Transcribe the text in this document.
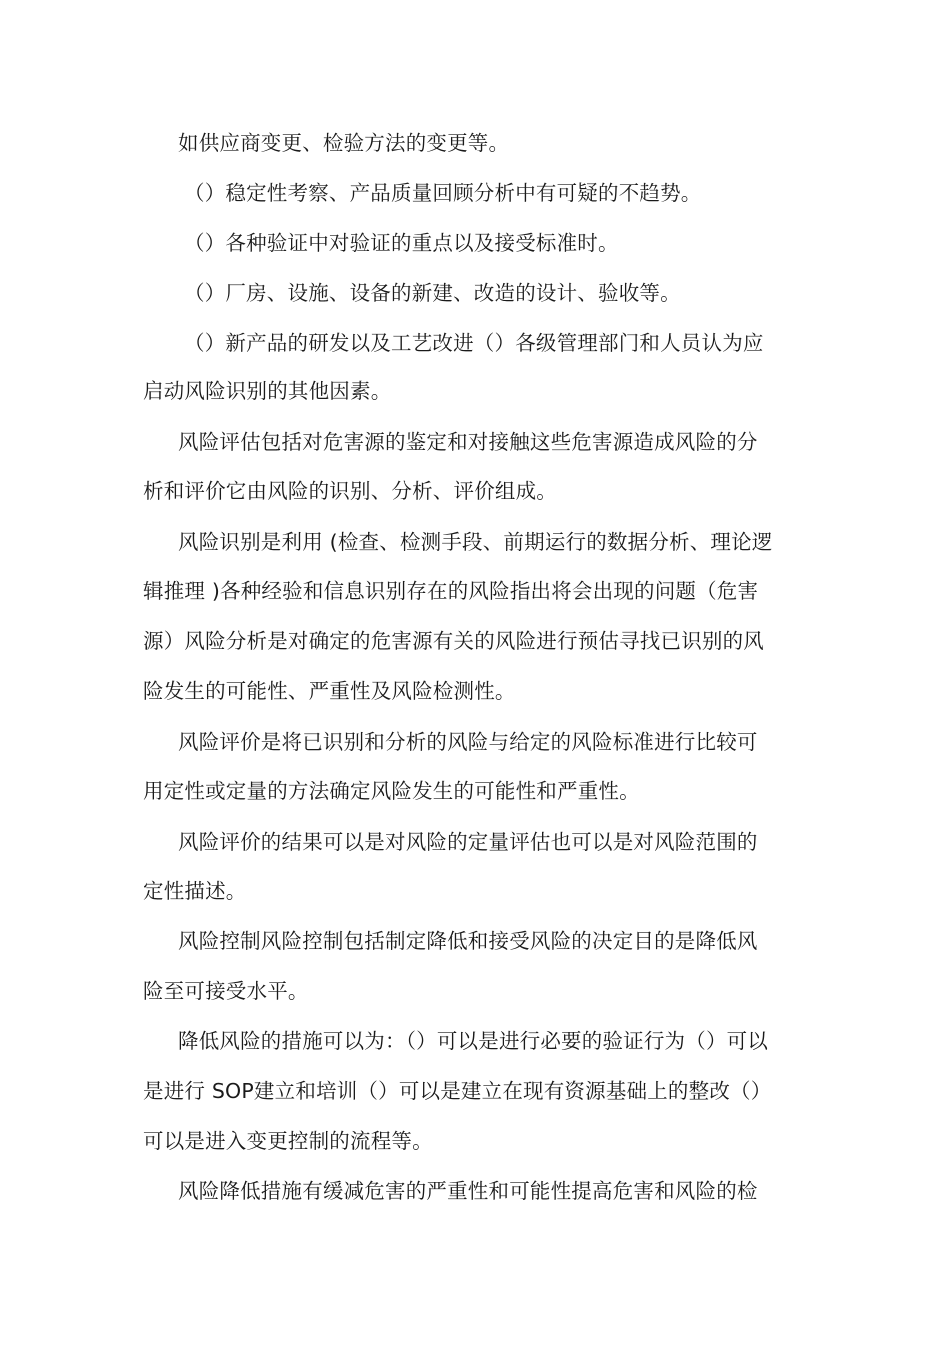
如供应商变更、检验方法的变更等。
（）稳定性考察、产品质量回顾分析中有可疑的不趋势。
（）各种验证中对验证的重点以及接受标准时。
（）厂房、设施、设备的新建、改造的设计、验收等。
（）新产品的研发以及工艺改进（）各级管理部门和人员认为应
启动风险识别的其他因素。
风险评估包括对危害源的鉴定和对接触这些危害源造成风险的分
析和评价它由风险的识别、分析、评价组成。
风险识别是利用 (检查、检测手段、前期运行的数据分析、理论逻
辑推理 )各种经验和信息识别存在的风险指出将会出现的问题（危害
源）风险分析是对确定的危害源有关的风险进行预估寻找已识别的风
险发生的可能性、严重性及风险检测性。
风险评价是将已识别和分析的风险与给定的风险标准进行比较可
用定性或定量的方法确定风险发生的可能性和严重性。
风险评价的结果可以是对风险的定量评估也可以是对风险范围的
定性描述。
风险控制风险控制包括制定降低和接受风险的决定目的是降低风
险至可接受水平。
降低风险的措施可以为：（）可以是进行必要的验证行为（）可以
是进行 SOP建立和培训（）可以是建立在现有资源基础上的整改（）
可以是进入变更控制的流程等。
风险降低措施有缓减危害的严重性和可能性提高危害和风险的检
